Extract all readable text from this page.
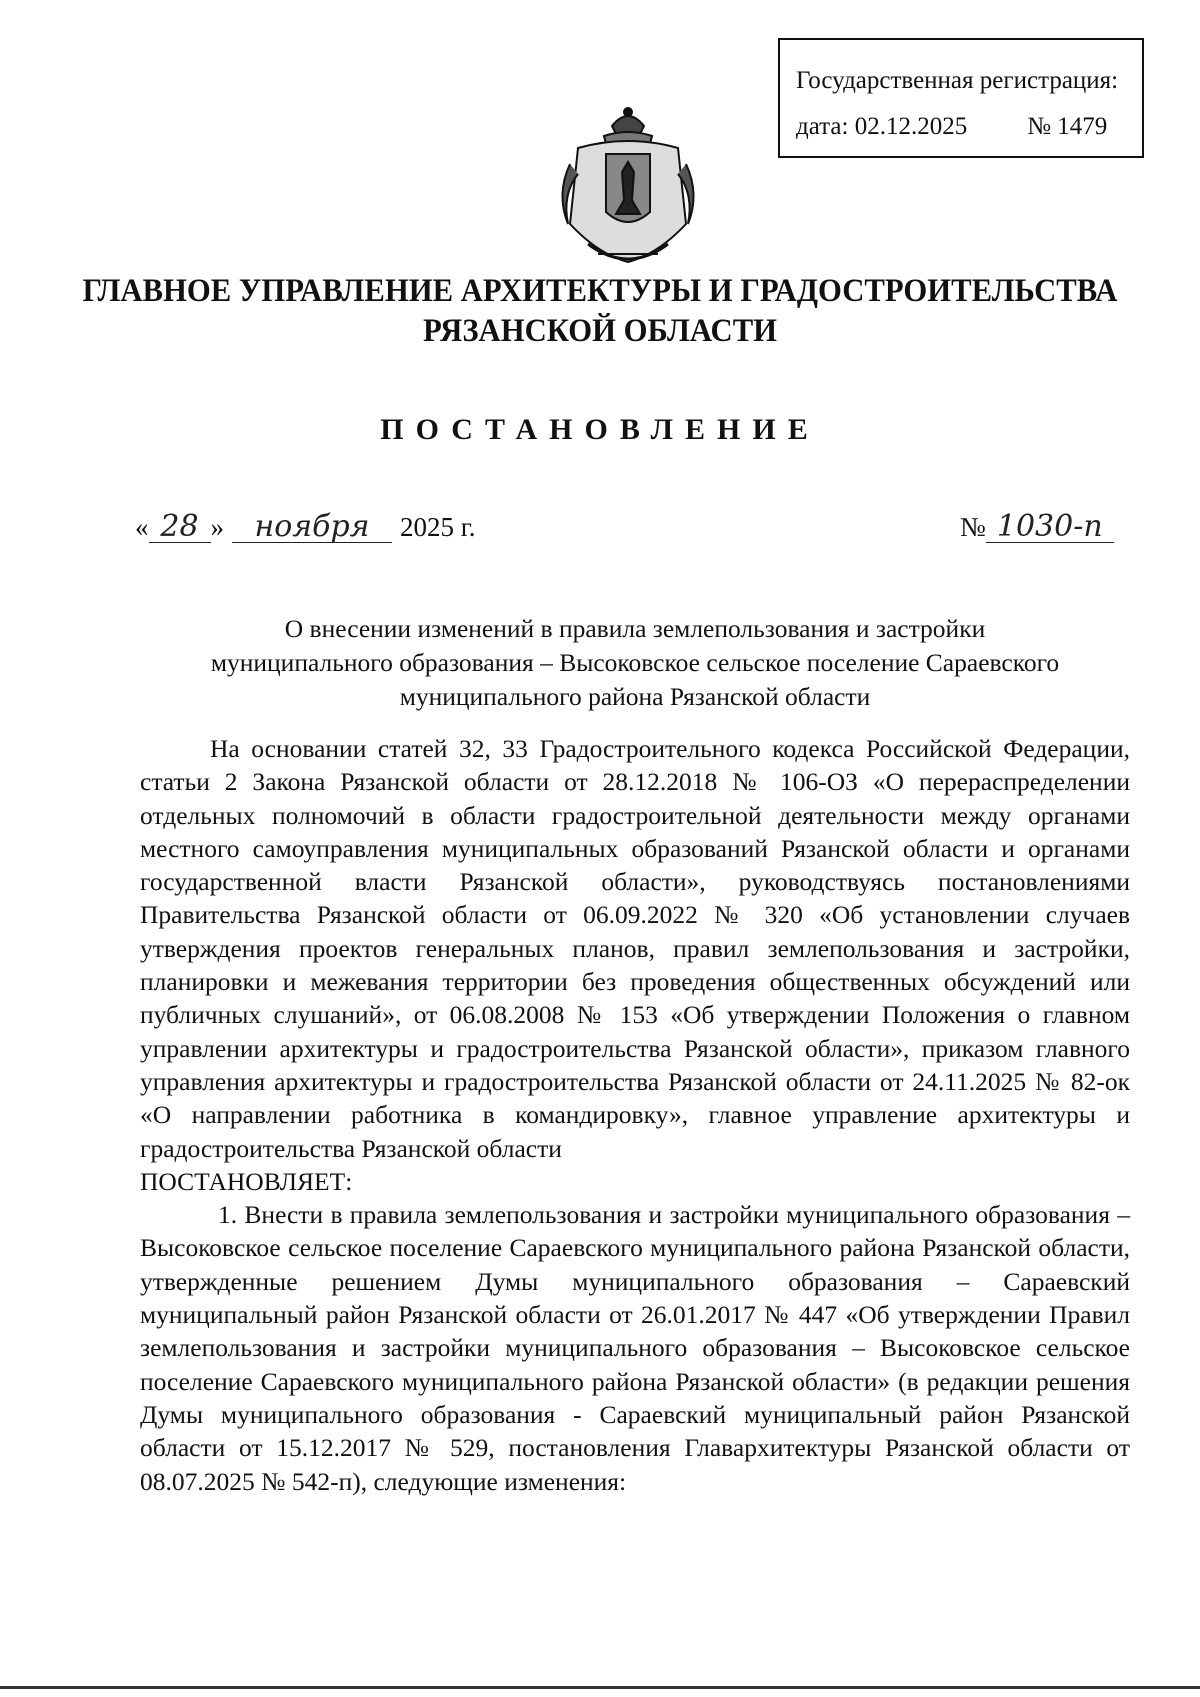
Государственная регистрация:
дата: 02.12.2025 № 1479
ГЛАВНОЕ УПРАВЛЕНИЕ АРХИТЕКТУРЫ И ГРАДОСТРОИТЕЛЬСТВА
РЯЗАНСКОЙ ОБЛАСТИ
ПОСТАНОВЛЕНИЕ
« 28 »	ноября	2025 г.	№ 1030-п
О внесении изменений в правила землепользования и застройки
муниципального образования – Высоковское сельское поселение Сараевского
муниципального района Рязанской области

На основании статей 32, 33 Градостроительного кодекса Российской Федерации, статьи 2 Закона Рязанской области от 28.12.2018 № 106-ОЗ «О перераспределении отдельных полномочий в области градостроительной деятельности между органами местного самоуправления муниципальных образований Рязанской области и органами государственной власти Рязанской области», руководствуясь постановлениями Правительства Рязанской области от 06.09.2022 № 320 «Об установлении случаев утверждения проектов генеральных планов, правил землепользования и застройки, планировки и межевания территории без проведения общественных обсуждений или публичных слушаний», от 06.08.2008 № 153 «Об утверждении Положения о главном управлении архитектуры и градостроительства Рязанской области», приказом главного управления архитектуры и градостроительства Рязанской области от 24.11.2025 № 82-ок «О направлении работника в командировку», главное управление архитектуры и градостроительства Рязанской области

ПОСТАНОВЛЯЕТ:

1. Внести в правила землепользования и застройки муниципального образования – Высоковское сельское поселение Сараевского муниципального района Рязанской области, утвержденные решением Думы муниципального образования – Сараевский муниципальный район Рязанской области от 26.01.2017 № 447 «Об утверждении Правил землепользования и застройки муниципального образования – Высоковское сельское поселение Сараевского муниципального района Рязанской области» (в редакции решения Думы муниципального образования - Сараевский муниципальный район Рязанской области от 15.12.2017 № 529, постановления Главархитектуры Рязанской области от 08.07.2025 № 542-п), следующие изменения:
